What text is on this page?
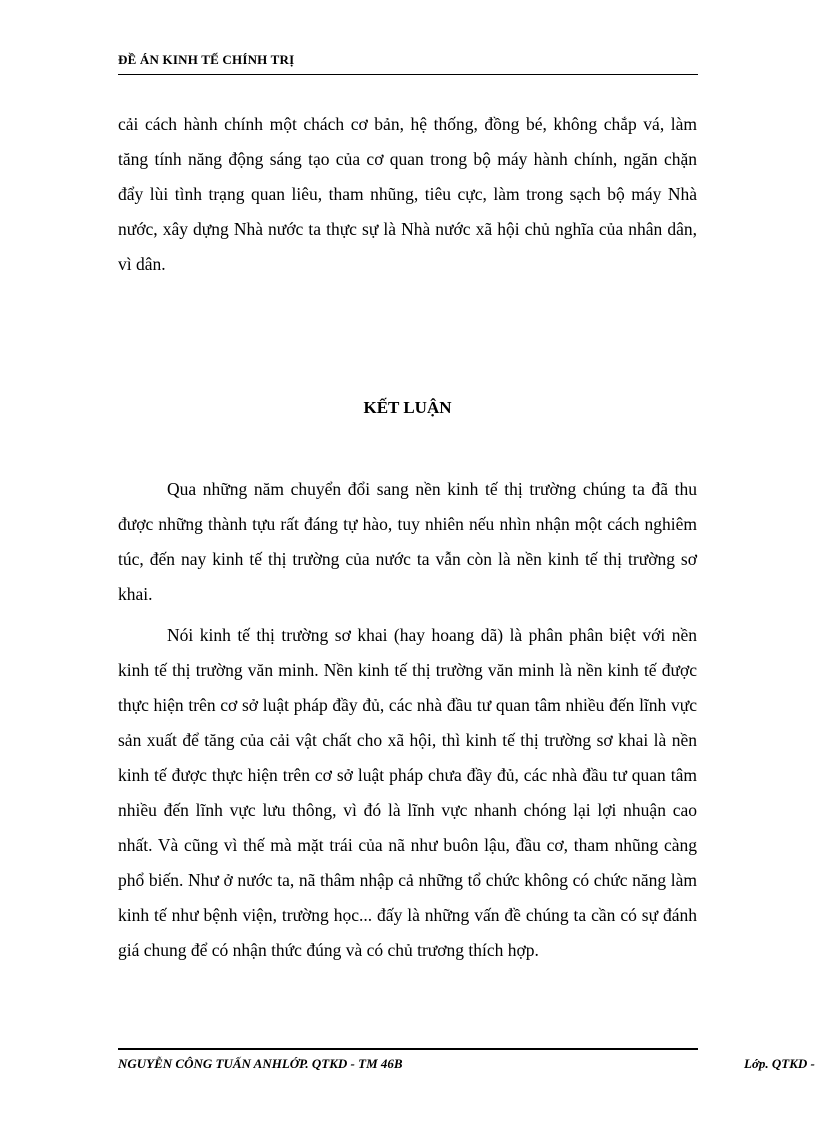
ĐỀ ÁN KINH TẾ CHÍNH TRỊ

cải cách hành chính một chách cơ bản, hệ thống, đồng bé, không chắp vá, làm tăng tính năng động sáng tạo của cơ quan trong bộ máy hành chính, ngăn chặn đẩy lùi tình trạng quan liêu, tham nhũng, tiêu cực, làm trong sạch bộ máy Nhà nước, xây dựng Nhà nước ta thực sự là Nhà nước xã hội chủ nghĩa của nhân dân, vì dân.

KẾT LUẬN

Qua những năm chuyển đổi sang nền kinh tế thị trường chúng ta đã thu được những thành tựu rất đáng tự hào, tuy nhiên nếu nhìn nhận một cách nghiêm túc, đến nay kinh tế thị trường của nước ta vẫn còn là nền kinh tế thị trường sơ khai.

Nói kinh tế thị trường sơ khai (hay hoang dã) là phân phân biệt với nền kinh tế thị trường văn minh. Nền kinh tế thị trường văn minh là nền kinh tế được thực hiện trên cơ sở luật pháp đầy đủ, các nhà đầu tư quan tâm nhiều đến lĩnh vực sản xuất để tăng của cải vật chất cho xã hội, thì kinh tế thị trường sơ khai là nền kinh tế được thực hiện trên cơ sở luật pháp chưa đầy đủ, các nhà đầu tư quan tâm nhiều đến lĩnh vực lưu thông, vì đó là lĩnh vực nhanh chóng lại lợi nhuận cao nhất. Và cũng vì thế mà mặt trái của nã như buôn lậu, đầu cơ, tham nhũng càng phổ biến. Như ở nước ta, nã thâm nhập cả những tổ chức không có chức năng làm kinh tế như bệnh viện, trường học... đấy là những vấn đề chúng ta cần có sự đánh giá chung để có nhận thức đúng và có chủ trương thích hợp.

NGUYỄN CÔNG TUẤN ANHLỚP. QTKD - TM 46B	Lớp. QTKD -
